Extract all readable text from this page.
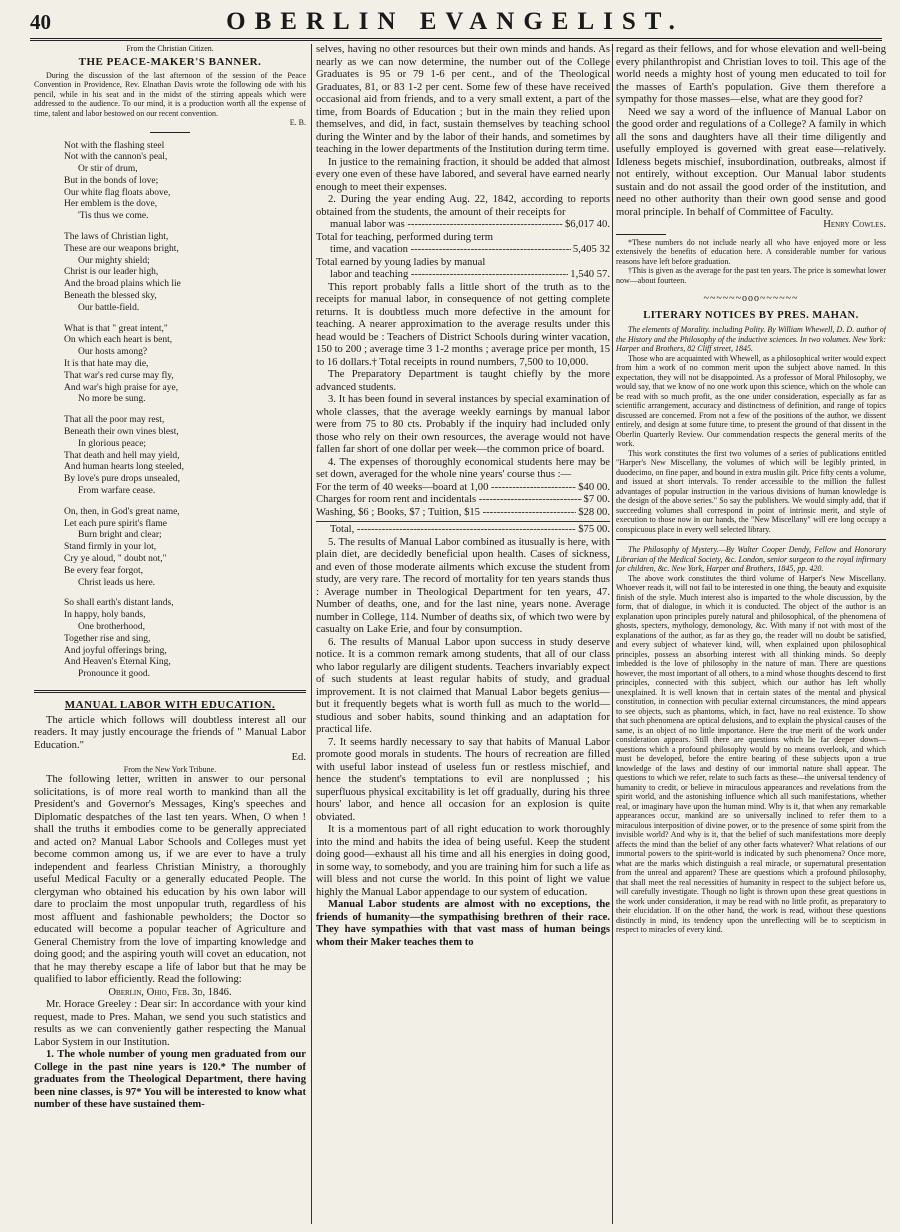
40	OBERLIN EVANGELIST.

From the Christian Citizen.

THE PEACE-MAKER'S BANNER.

During the discussion of the last afternoon of the session of the Peace Convention in Providence, Rev. Elnathan Davis wrote the following ode with his pencil, while in his seat and in the midst of the stirring appeals which were addressed to the audience. To our mind, it is a production worth all the expense of time, talent and labor bestowed on our recent convention.

E. B.

Not with the flashing steel
Not with the cannon's peal,
Or stir of drum,
But in the bonds of love;
Our white flag floats above,
Her emblem is the dove,
'Tis thus we come.
The laws of Christian light,
These are our weapons bright,
Our mighty shield;
Christ is our leader high,
And the broad plains which lie
Beneath the blessed sky,
Our battle-field.
What is that " great intent,"
On which each heart is bent,
Our hosts among?
It is that hate may die,
That war's red curse may fly,
And war's high praise for aye,
No more be sung.
That all the poor may rest,
Beneath their own vines blest,
In glorious peace;
That death and hell may yield,
And human hearts long steeled,
By love's pure drops unsealed,
From warfare cease.
On, then, in God's great name,
Let each pure spirit's flame
Burn bright and clear;
Stand firmly in your lot,
Cry ye aloud, " doubt not,"
Be every fear forgot,
Christ leads us here.
So shall earth's distant lands,
In happy, holy bands,
One brotherhood,
Together rise and sing,
And joyful offerings bring,
And Heaven's Eternal King,
Pronounce it good.

MANUAL LABOR WITH EDUCATION.

The article which follows will doubtless interest all our readers. It may justly encourage the friends of " Manual Labor Education."

Ed.

From the New York Tribune.

The following letter, written in answer to our personal solicitations, is of more real worth to mankind than all the President's and Governor's Messages, King's speeches and Diplomatic despatches of the last ten years. When, O when ! shall the truths it embodies come to be generally appreciated and acted on? Manual Labor Schools and Colleges must yet become common among us, if we are ever to have a truly independent and fearless Christian Ministry, a thoroughly useful Medical Faculty or a generally educated People. The clergyman who obtained his education by his own labor will dare to proclaim the most unpopular truth, regardless of his most affluent and fashionable pewholders; the Doctor so educated will become a popular teacher of Agriculture and General Chemistry from the love of imparting knowledge and doing good; and the aspiring youth will covet an education, not that he may thereby escape a life of labor but that he may be qualified to labor efficiently. Read the following:

Oberlin, Ohio, Feb. 3d, 1846.

Mr. Horace Greeley : Dear sir: In accordance with your kind request, made to Pres. Mahan, we send you such statistics and results as we can conveniently gather respecting the Manual Labor System in our Institution.

1. The whole number of young men graduated from our College in the past nine years is 120.* The number of graduates from the Theological Department, there having been nine classes, is 97* You will be interested to know what number of these have sustained them-

selves, having no other resources but their own minds and hands. As nearly as we can now determine, the number out of the College Graduates is 95 or 79 1-6 per cent., and of the Theological Graduates, 81, or 83 1-2 per cent. Some few of these have received occasional aid from friends, and to a very small extent, a part of the time, from Boards of Education ; but in the main they relied upon themselves, and did, in fact, sustain themselves by teaching school during the Winter and by the labor of their hands, and sometimes by teaching in the lower departments of the Institution during term time.

In justice to the remaining fraction, it should be added that almost every one even of these have labored, and several have earned nearly enough to meet their expenses.

2. During the year ending Aug. 22, 1842, according to reports obtained from the students, the amount of their receipts for

manual labor was -----	$6,017 40.

Total for teaching, performed during term

time, and vacation -----	5,405 32

Total earned by young ladies by manual

labor and teaching -----	1,540 57.

This report probably falls a little short of the truth as to the receipts for manual labor, in consequence of not getting complete returns. It is doubtless much more defective in the amount for teaching. A nearer approximation to the average results under this head would be : Teachers of District Schools during winter vacation, 150 to 200 ; average time 3 1-2 months ; average price per month, 15 to 16 dollars.† Total receipts in round numbers, 7,500 to 10,000.

The Preparatory Department is taught chiefly by the more advanced students.

3. It has been found in several instances by special examination of whole classes, that the average weekly earnings by manual labor were from 75 to 80 cts. Probably if the inquiry had included only those who rely on their own resources, the average would not have fallen far short of one dollar per week—the common price of board.

4. The expenses of thoroughly economical students here may be set down, averaged for the whole nine years' course thus :—

For the term of 40 weeks—board at 1,00 -----	$40 00.
Charges for room rent and incidentals -----	$7 00.
Washing, $6 ; Books, $7 ; Tuition, $15 -----	$28 00.
Total, -----	$75 00.

5. The results of Manual Labor combined as itusually is here, with plain diet, are decidedly beneficial upon health. Cases of sickness, and even of those moderate ailments which excuse the student from study, are very rare. The record of mortality for ten years stands thus : Average number in Theological Department for ten years, 47. Number of deaths, one, and for the last nine, years none. Average number in College, 114. Number of deaths six, of which two were by casualty on Lake Erie, and four by consumption.

6. The results of Manual Labor upon success in study deserve notice. It is a common remark among students, that all of our class who labor regularly are diligent students. Teachers invariably expect of such students at least regular habits of study, and gradual improvement. It is not claimed that Manual Labor begets genius—but it frequently begets what is worth full as much to the world—studious and sober habits, sound thinking and an adaptation for practical life.

7. It seems hardly necessary to say that habits of Manual Labor promote good morals in students. The hours of recreation are filled with useful labor instead of useless fun or restless mischief, and hence the student's temptations to evil are nonplussed ; his superfluous physical excitability is let off gradually, during his three hours' labor, and hence all occasion for an explosion is quite obviated.

It is a momentous part of all right education to work thoroughly into the mind and habits the idea of being useful. Keep the student doing good—exhaust all his time and all his energies in doing good, in some way, to somebody, and you are training him for such a life as will bless and not curse the world. In this point of light we value highly the Manual Labor appendage to our system of education.

Manual Labor students are almost with no exceptions, the friends of humanity—the sympathising brethren of their race. They have sympathies with that vast mass of human beings whom their Maker teaches them to

regard as their fellows, and for whose elevation and well-being every philanthropist and Christian loves to toil. This age of the world needs a mighty host of young men educated to toil for the masses of Earth's population. Give them therefore a sympathy for those masses—else, what are they good for?

Need we say a word of the influence of Manual Labor on the good order and regulations of a College? A family in which all the sons and daughters have all their time diligently and usefully employed is governed with great ease—relatively. Idleness begets mischief, insubordination, outbreaks, almost if not entirely, without exception. Our Manual labor students sustain and do not assail the good order of the institution, and need no other authority than their own good sense and good moral principle. In behalf of Committee of Faculty.

Henry Cowles.

*These numbers do not include nearly all who have enjoyed more or less extensively the benefits of education here. A considerable number for various reasons have left before graduation.

†This is given as the average for the past ten years. The price is somewhat lower now—about fourteen.

~~~~~~ooo~~~~~~

LITERARY NOTICES BY PRES. MAHAN.

The elements of Morality. including Polity. By William Whewell, D. D. author of the History and the Philosophy of the inductive sciences. In two volumes. New York: Harper and Brothers, 82 Cliff street, 1845.

Those who are acquainted with Whewell, as a philosophical writer would expect from him a work of no common merit upon the subject above named. In this expectation, they will not be disappointed. As a professor of Moral Philosophy, we would say, that we know of no one work upon this science, which on the whole can be read with so much profit, as the one under consideration, especially as far as scientific arrangement, accuracy and distinctness of definition, and range of topics discussed are concerned. From not a few of the positions of the author, we dissent entirely, and design at some future time, to present the ground of that dissent in the Oberlin Quarterly Review. Our commendation respects the general merits of the work.

This work constitutes the first two volumes of a series of publications entitled "Harper's New Miscellany, the volumes of which will be legibly printed, in duodecimo, on fine paper, and bound in extra muslin gilt. Price fifty cents a volume, and issued at short intervals. To render accessible to the million the fullest advantages of popular instruction in the various divisions of human knowledge is the design of the above series." So say the publishers. We would simply add, that if succeeding volumes shall correspond in point of intrinsic merit, and style of execution to those now in our hands, the "New Miscellany" will ere long occupy a conspicuous place in every well selected library.

The Philosophy of Mystery.—By Walter Cooper Dendy, Fellow and Honorary Librarian of the Medical Society, &c. London, senior surgeon to the royal infirmary for children, &c. New York, Harper and Brothers, 1845, pp. 420.

The above work constitutes the third volume of Harper's New Miscellany. Whoever reads it, will not fail to be interested in one thing, the beauty and exquisite finish of the style. Much interest also is imparted to the whole discussion, by the form, that of dialogue, in which it is conducted. The object of the author is an explanation upon principles purely natural and philosophical, of the phenomena of ghosts, specters, mythology, demonology, &c. With many if not with most of the explanations of the author, as far as they go, the reader will no doubt be satisfied, and every subject of whatever kind, will, when explained upon philosophical principles, possess an absorbing interest with all thinking minds. So deeply imbedded is the love of philosophy in the nature of man. There are questions however, the most important of all others, to a mind whose thoughts descend to first principles, connected with this subject, which our author has left wholly unexplained. It is well known that in certain states of the mental and physical constitution, in connection with peculiar external circumstances, the mind appears to see objects, such as phantoms, which, in fact, have no real existence. To show that such phenomena are optical delusions, and to explain the physical causes of the same, is an object of no little importance. Here the true merit of the work under consideration appears. Still there are questions which lie far deeper down—questions which a profound philosophy would by no means overlook, and which must be developed, before the entire bearing of these subjects upon a true knowledge of the laws and destiny of our immortal nature shall appear. The questions to which we refer, relate to such facts as these—the universal tendency of humanity to credit, or believe in miraculous appearances and revelations from the spirit world, and the astonishing influence which all such manifestations, whether real, or imaginary have upon the human mind. Why is it, that when any remarkable appearances occur, mankind are so universally inclined to refer them to a miraculous interposition of divine power, or to the presence of some spirit from the invisible world? And why is it, that the belief of such manifestations more deeply affects the mind than the belief of any other facts whatever? What relations of our immortal powers to the spirit-world is indicated by such phenomena? Once more, what are the marks which distinguish a real miracle, or supernatural presentation from the unreal and apparent? These are questions which a profound philosophy, that shall meet the real necessities of humanity in respect to the subject before us, will carefully investigate. Though no light is thrown upon these great questions in the work under consideration, it may be read with no little profit, as preparatory to their elucidation. If on the other hand, the work is read, without these questions distinctly in mind, its tendency upon the unreflecting will be to scepticism in respect to miracles of every kind.
